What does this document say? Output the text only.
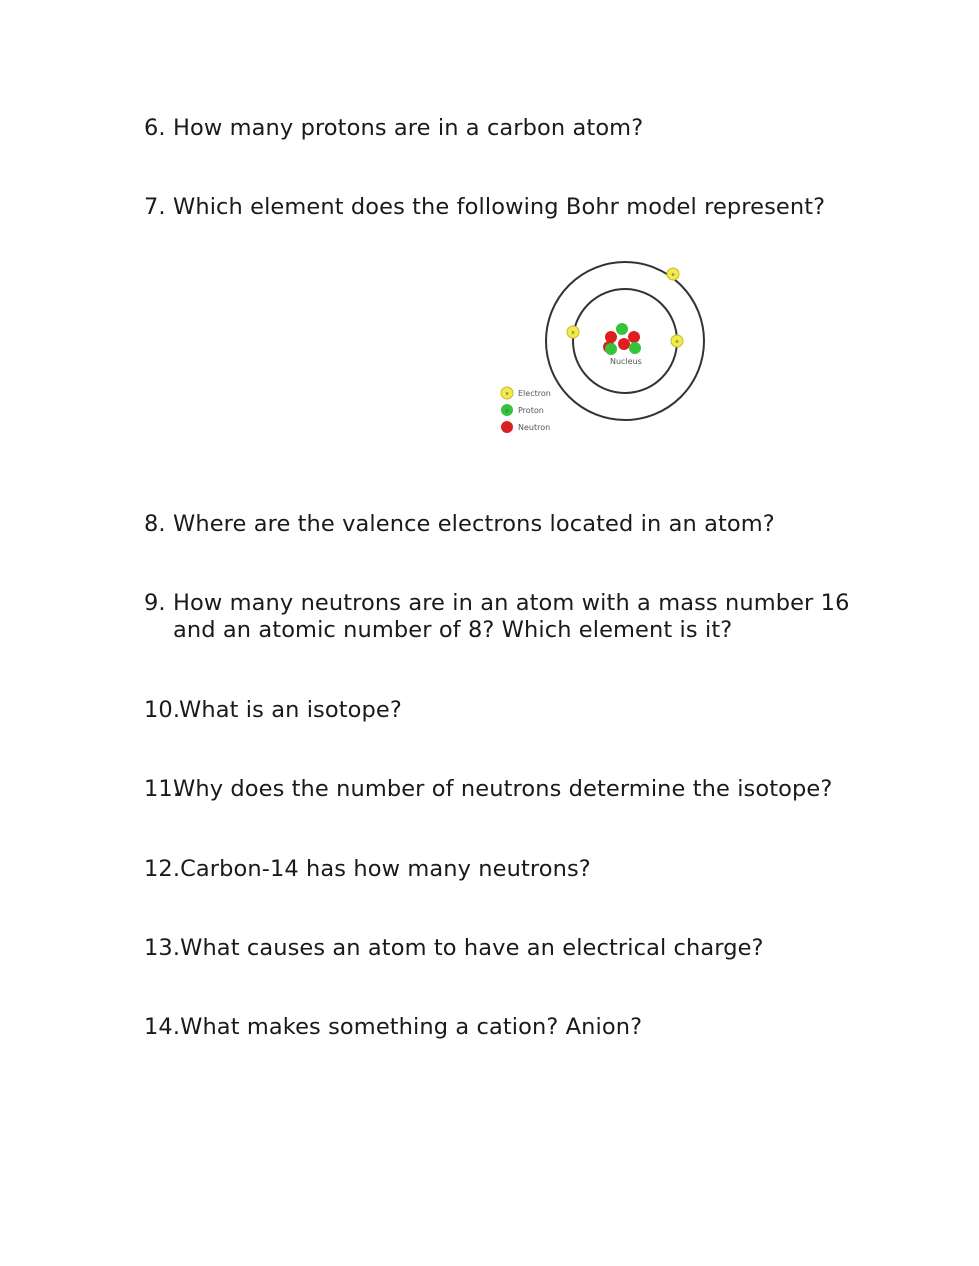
6. How many protons are in a carbon atom?
7. Which element does the following Bohr model represent?
Nucleus
e
e
e
e Electron
p Proton
n Neutron
8. Where are the valence electrons located in an atom?
9. How many neutrons are in an atom with a mass number 16
and an atomic number of 8? Which element is it?
10.What is an isotope?
11.Why does the number of neutrons determine the isotope?
12.Carbon-14 has how many neutrons?
13.What causes an atom to have an electrical charge?
14.What makes something a cation? Anion?
